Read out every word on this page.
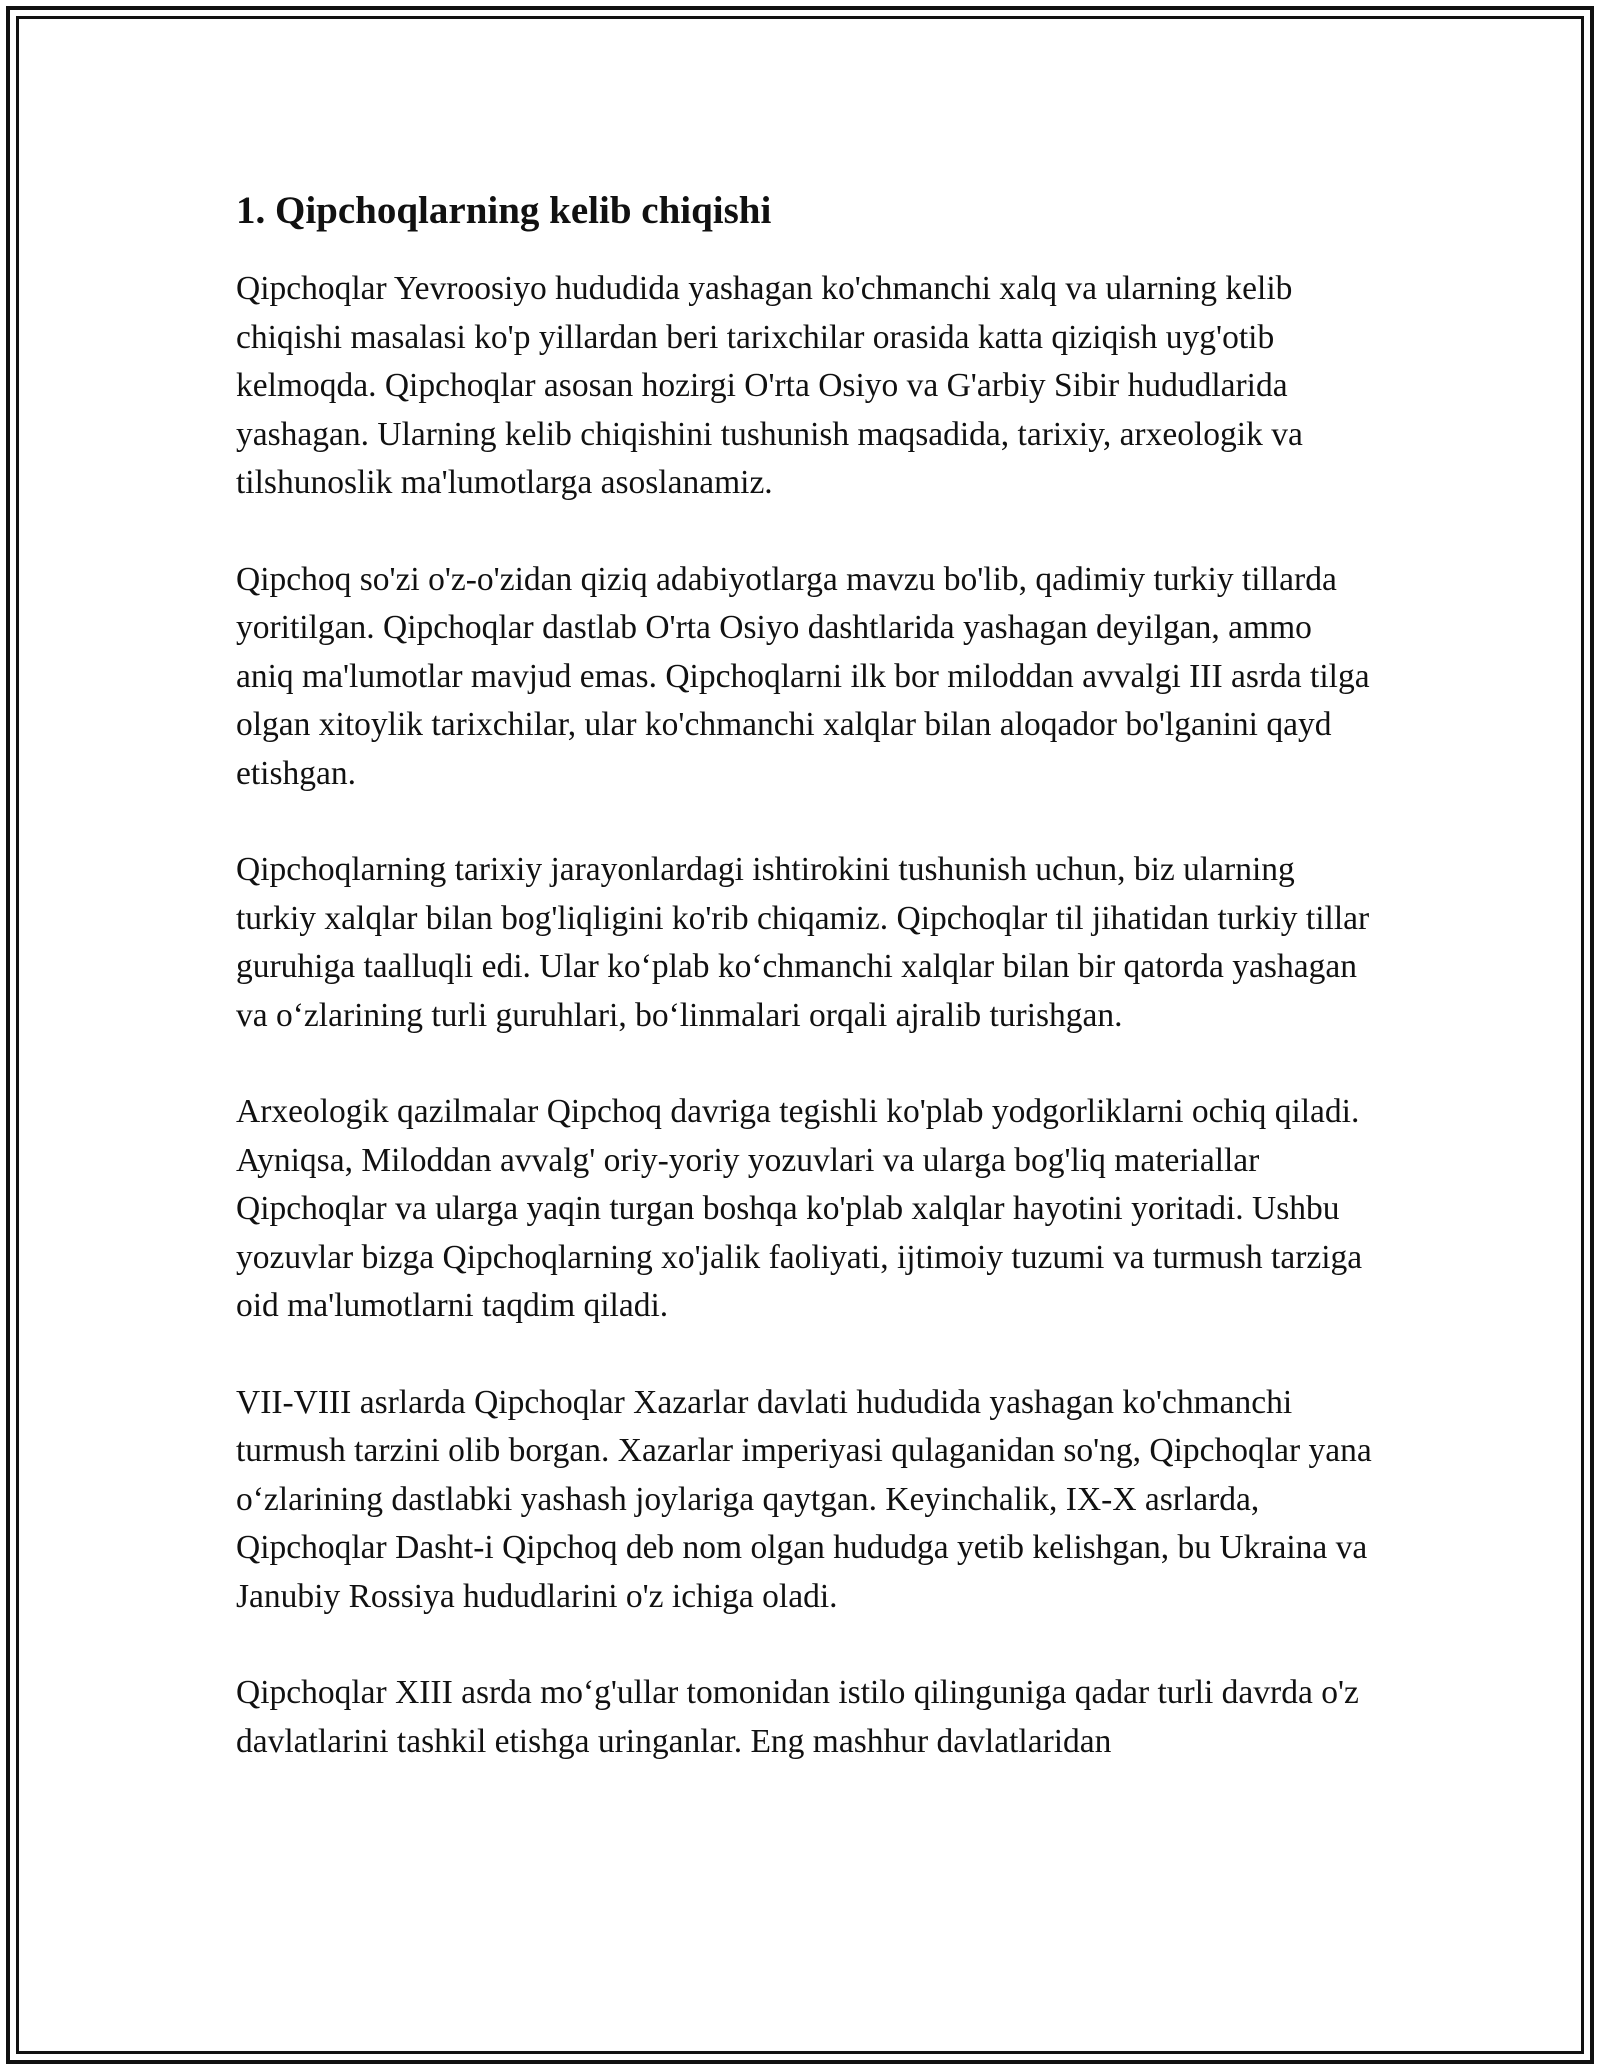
1. Qipchoqlarning kelib chiqishi

Qipchoqlar Yevroosiyo hududida yashagan ko'chmanchi xalq va ularning kelib chiqishi masalasi ko'p yillardan beri tarixchilar orasida katta qiziqish uyg'otib kelmoqda. Qipchoqlar asosan hozirgi O'rta Osiyo va G'arbiy Sibir hududlarida yashagan. Ularning kelib chiqishini tushunish maqsadida, tarixiy, arxeologik va tilshunoslik ma'lumotlarga asoslanamiz.

Qipchoq so'zi o'z-o'zidan qiziq adabiyotlarga mavzu bo'lib, qadimiy turkiy tillarda yoritilgan. Qipchoqlar dastlab O'rta Osiyo dashtlarida yashagan deyilgan, ammo aniq ma'lumotlar mavjud emas. Qipchoqlarni ilk bor miloddan avvalgi III asrda tilga olgan xitoylik tarixchilar, ular ko'chmanchi xalqlar bilan aloqador bo'lganini qayd etishgan.

Qipchoqlarning tarixiy jarayonlardagi ishtirokini tushunish uchun, biz ularning turkiy xalqlar bilan bog'liqligini ko'rib chiqamiz. Qipchoqlar til jihatidan turkiy tillar guruhiga taalluqli edi. Ular ko‘plab ko‘chmanchi xalqlar bilan bir qatorda yashagan va o‘zlarining turli guruhlari, bo‘linmalari orqali ajralib turishgan.

Arxeologik qazilmalar Qipchoq davriga tegishli ko'plab yodgorliklarni ochiq qiladi. Ayniqsa, Miloddan avvalg' oriy-yoriy yozuvlari va ularga bog'liq materiallar Qipchoqlar va ularga yaqin turgan boshqa ko'plab xalqlar hayotini yoritadi. Ushbu yozuvlar bizga Qipchoqlarning xo'jalik faoliyati, ijtimoiy tuzumi va turmush tarziga oid ma'lumotlarni taqdim qiladi.

VII-VIII asrlarda Qipchoqlar Xazarlar davlati hududida yashagan ko'chmanchi turmush tarzini olib borgan. Xazarlar imperiyasi qulaganidan so'ng, Qipchoqlar yana o‘zlarining dastlabki yashash joylariga qaytgan. Keyinchalik, IX-X asrlarda, Qipchoqlar Dasht-i Qipchoq deb nom olgan hududga yetib kelishgan, bu Ukraina va Janubiy Rossiya hududlarini o'z ichiga oladi.

Qipchoqlar XIII asrda mo‘g'ullar tomonidan istilo qilinguniga qadar turli davrda o'z davlatlarini tashkil etishga uringanlar. Eng mashhur davlatlaridan
